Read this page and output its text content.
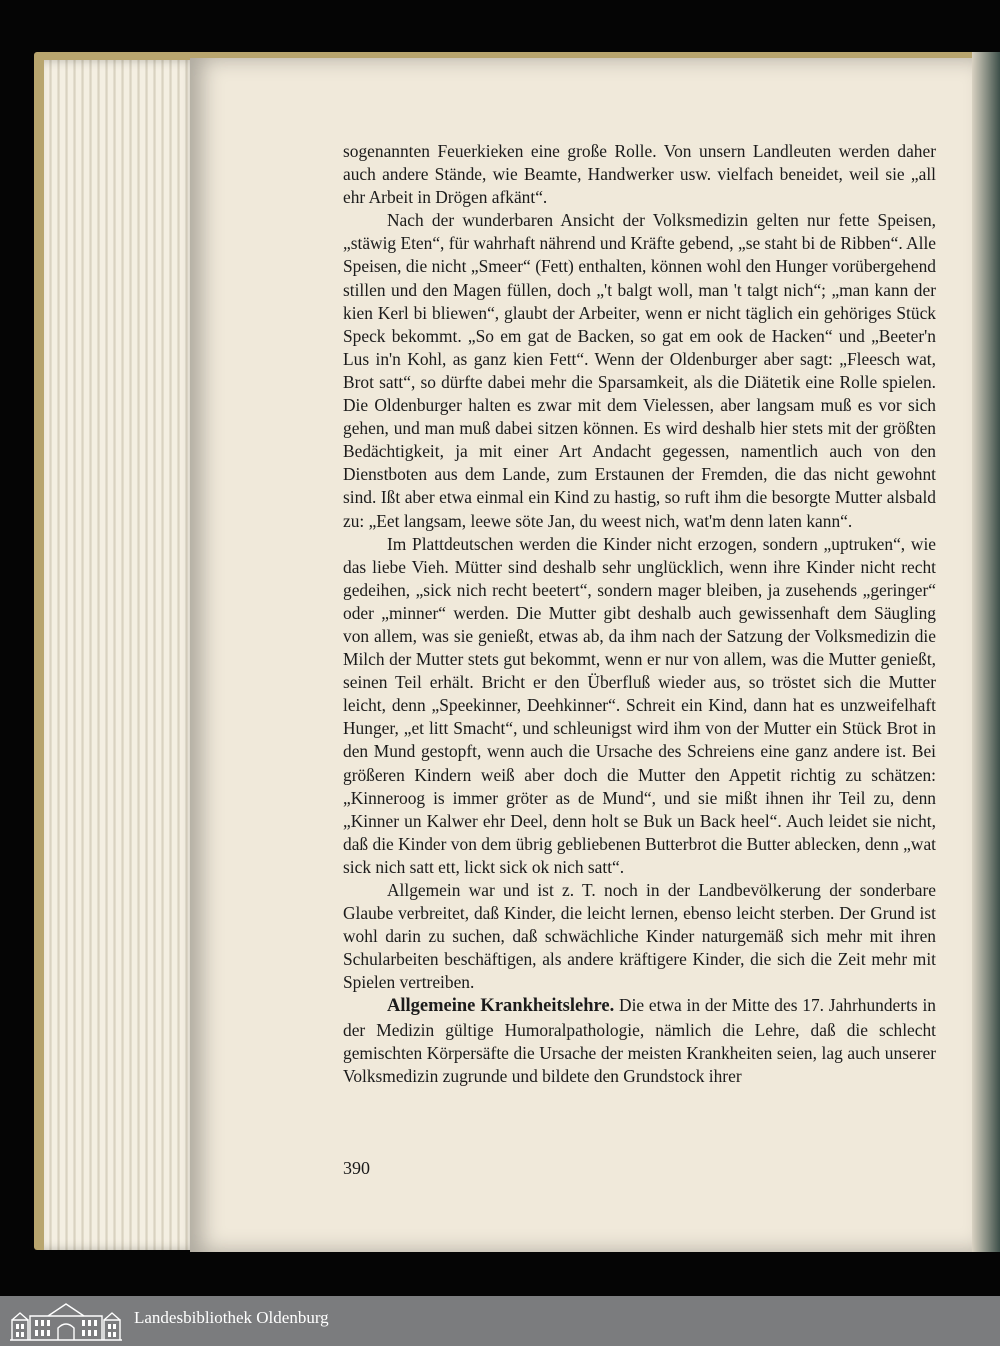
sogenannten Feuerkieken eine große Rolle. Von unsern Landleuten werden daher auch andere Stände, wie Beamte, Handwerker usw. vielfach beneidet, weil sie „all ehr Arbeit in Drögen afkänt“.

Nach der wunderbaren Ansicht der Volksmedizin gelten nur fette Speisen, „stäwig Eten“, für wahrhaft nährend und Kräfte gebend, „se staht bi de Ribben“. Alle Speisen, die nicht „Smeer“ (Fett) enthalten, können wohl den Hunger vorübergehend stillen und den Magen füllen, doch „'t balgt woll, man 't talgt nich“; „man kann der kien Kerl bi bliewen“, glaubt der Arbeiter, wenn er nicht täglich ein gehöriges Stück Speck bekommt. „So em gat de Backen, so gat em ook de Hacken“ und „Beeter'n Lus in'n Kohl, as ganz kien Fett“. Wenn der Oldenburger aber sagt: „Fleesch wat, Brot satt“, so dürfte dabei mehr die Sparsamkeit, als die Diätetik eine Rolle spielen. Die Oldenburger halten es zwar mit dem Vielessen, aber langsam muß es vor sich gehen, und man muß dabei sitzen können. Es wird deshalb hier stets mit der größten Bedächtigkeit, ja mit einer Art Andacht gegessen, namentlich auch von den Dienstboten aus dem Lande, zum Erstaunen der Fremden, die das nicht gewohnt sind. Ißt aber etwa einmal ein Kind zu hastig, so ruft ihm die besorgte Mutter alsbald zu: „Eet langsam, leewe söte Jan, du weest nich, wat'm denn laten kann“.

Im Plattdeutschen werden die Kinder nicht erzogen, sondern „uptruken“, wie das liebe Vieh. Mütter sind deshalb sehr unglücklich, wenn ihre Kinder nicht recht gedeihen, „sick nich recht beetert“, sondern mager bleiben, ja zusehends „geringer“ oder „minner“ werden. Die Mutter gibt deshalb auch gewissenhaft dem Säugling von allem, was sie genießt, etwas ab, da ihm nach der Satzung der Volksmedizin die Milch der Mutter stets gut bekommt, wenn er nur von allem, was die Mutter genießt, seinen Teil erhält. Bricht er den Überfluß wieder aus, so tröstet sich die Mutter leicht, denn „Speekinner, Deehkinner“. Schreit ein Kind, dann hat es unzweifelhaft Hunger, „et litt Smacht“, und schleunigst wird ihm von der Mutter ein Stück Brot in den Mund gestopft, wenn auch die Ursache des Schreiens eine ganz andere ist. Bei größeren Kindern weiß aber doch die Mutter den Appetit richtig zu schätzen: „Kinneroog is immer gröter as de Mund“, und sie mißt ihnen ihr Teil zu, denn „Kinner un Kalwer ehr Deel, denn holt se Buk un Back heel“. Auch leidet sie nicht, daß die Kinder von dem übrig gebliebenen Butterbrot die Butter ablecken, denn „wat sick nich satt ett, lickt sick ok nich satt“.

Allgemein war und ist z. T. noch in der Landbevölkerung der sonderbare Glaube verbreitet, daß Kinder, die leicht lernen, ebenso leicht sterben. Der Grund ist wohl darin zu suchen, daß schwächliche Kinder naturgemäß sich mehr mit ihren Schularbeiten beschäftigen, als andere kräftigere Kinder, die sich die Zeit mehr mit Spielen vertreiben.

Allgemeine Krankheitslehre. Die etwa in der Mitte des 17. Jahrhunderts in der Medizin gültige Humoralpathologie, nämlich die Lehre, daß die schlecht gemischten Körpersäfte die Ursache der meisten Krankheiten seien, lag auch unserer Volksmedizin zugrunde und bildete den Grundstock ihrer

390
Landesbibliothek Oldenburg
